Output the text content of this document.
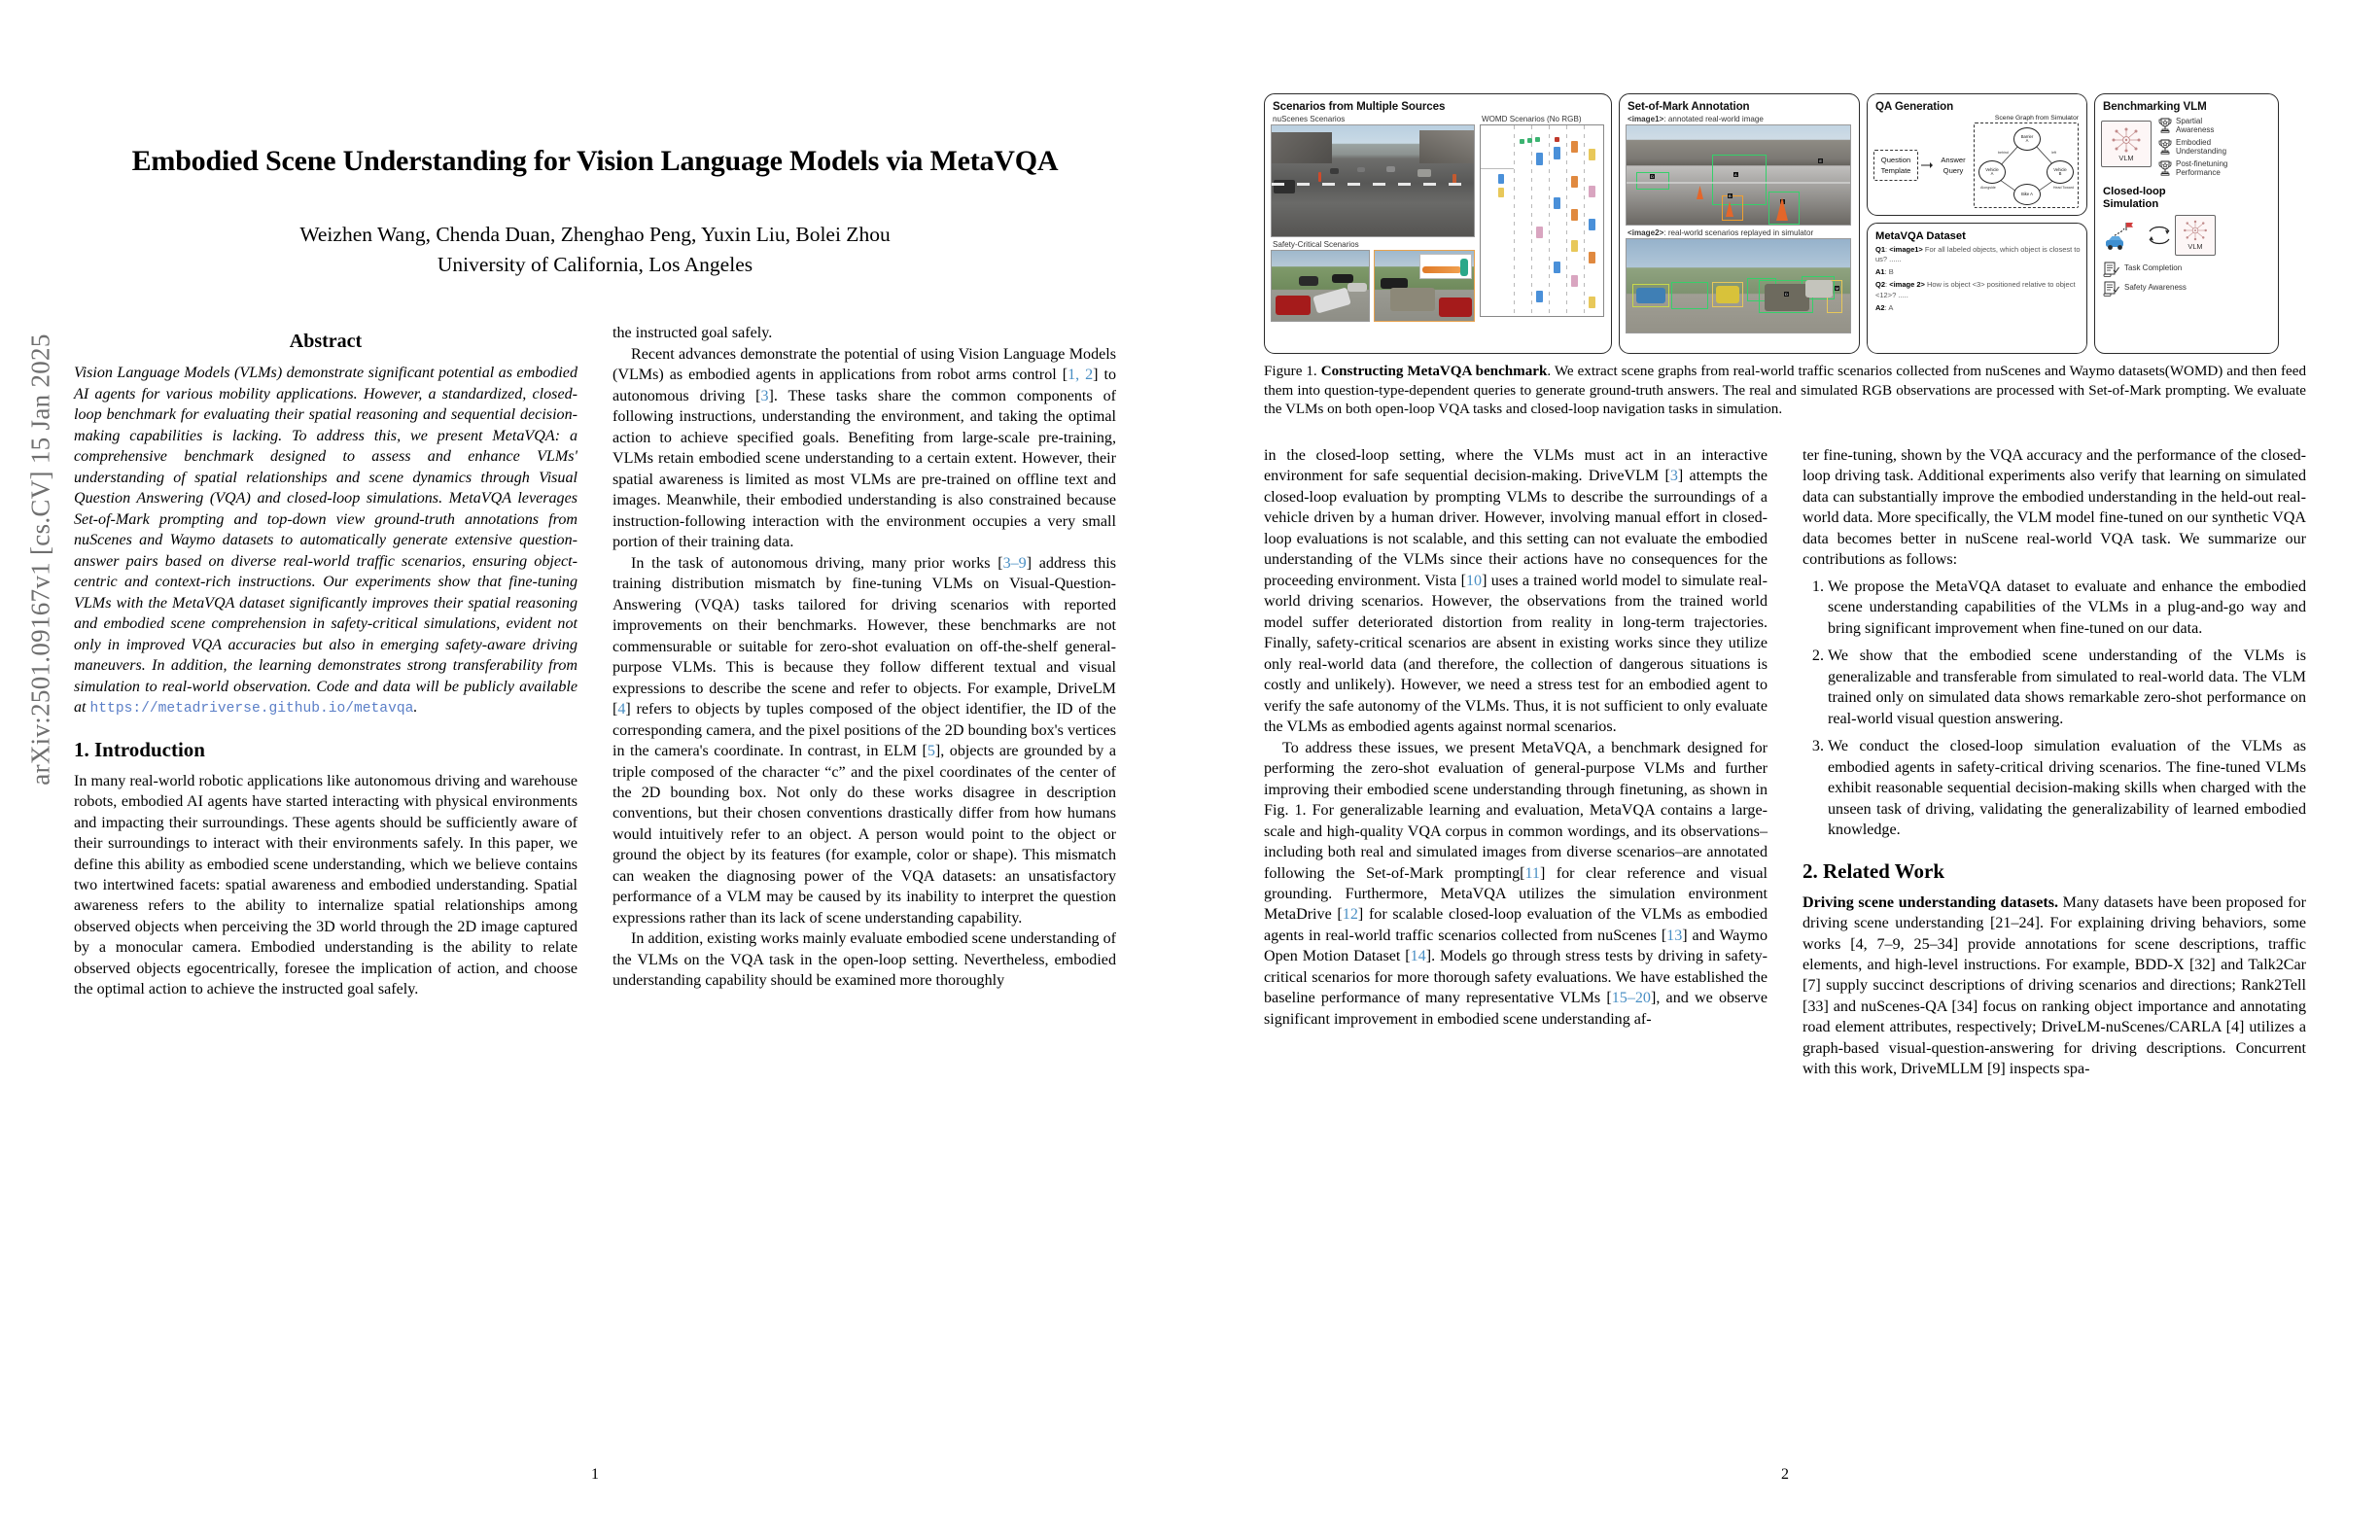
arXiv:2501.09167v1 [cs.CV] 15 Jan 2025
Embodied Scene Understanding for Vision Language Models via MetaVQA
Weizhen Wang, Chenda Duan, Zhenghao Peng, Yuxin Liu, Bolei Zhou
University of California, Los Angeles
Abstract

Vision Language Models (VLMs) demonstrate significant potential as embodied AI agents for various mobility applications. However, a standardized, closed-loop benchmark for evaluating their spatial reasoning and sequential decision-making capabilities is lacking. To address this, we present MetaVQA: a comprehensive benchmark designed to assess and enhance VLMs' understanding of spatial relationships and scene dynamics through Visual Question Answering (VQA) and closed-loop simulations. MetaVQA leverages Set-of-Mark prompting and top-down view ground-truth annotations from nuScenes and Waymo datasets to automatically generate extensive question-answer pairs based on diverse real-world traffic scenarios, ensuring object-centric and context-rich instructions. Our experiments show that fine-tuning VLMs with the MetaVQA dataset significantly improves their spatial reasoning and embodied scene comprehension in safety-critical simulations, evident not only in improved VQA accuracies but also in emerging safety-aware driving maneuvers. In addition, the learning demonstrates strong transferability from simulation to real-world observation. Code and data will be publicly available at https://metadriverse.github.io/metavqa.

1. Introduction

In many real-world robotic applications like autonomous driving and warehouse robots, embodied AI agents have started interacting with physical environments and impacting their surroundings. These agents should be sufficiently aware of their surroundings to interact with their environments safely. In this paper, we define this ability as embodied scene understanding, which we believe contains two intertwined facets: spatial awareness and embodied understanding. Spatial awareness refers to the ability to internalize spatial relationships among observed objects when perceiving the 3D world through the 2D image captured by a monocular camera. Embodied understanding is the ability to relate observed objects egocentrically, foresee the implication of action, and choose the optimal action to achieve the instructed goal safely.

the instructed goal safely.

Recent advances demonstrate the potential of using Vision Language Models (VLMs) as embodied agents in applications from robot arms control [1, 2] to autonomous driving [3]. These tasks share the common components of following instructions, understanding the environment, and taking the optimal action to achieve specified goals. Benefiting from large-scale pre-training, VLMs retain embodied scene understanding to a certain extent. However, their spatial awareness is limited as most VLMs are pre-trained on offline text and images. Meanwhile, their embodied understanding is also constrained because instruction-following interaction with the environment occupies a very small portion of their training data.

In the task of autonomous driving, many prior works [3–9] address this training distribution mismatch by fine-tuning VLMs on Visual-Question-Answering (VQA) tasks tailored for driving scenarios with reported improvements on their benchmarks. However, these benchmarks are not commensurable or suitable for zero-shot evaluation on off-the-shelf general-purpose VLMs. This is because they follow different textual and visual expressions to describe the scene and refer to objects. For example, DriveLM [4] refers to objects by tuples composed of the object identifier, the ID of the corresponding camera, and the pixel positions of the 2D bounding box's vertices in the camera's coordinate. In contrast, in ELM [5], objects are grounded by a triple composed of the character “c” and the pixel coordinates of the center of the 2D bounding box. Not only do these works disagree in description conventions, but their chosen conventions drastically differ from how humans would intuitively refer to an object. A person would point to the object or ground the object by its features (for example, color or shape). This mismatch can weaken the diagnosing power of the VQA datasets: an unsatisfactory performance of a VLM may be caused by its inability to interpret the question expressions rather than its lack of scene understanding capability.

In addition, existing works mainly evaluate embodied scene understanding of the VLMs on the VQA task in the open-loop setting. Nevertheless, embodied understanding capability should be examined more thoroughly

1
Scenarios from Multiple Sources
nuScenes Scenarios
Safety-Critical Scenarios
WOMD Scenarios (No RGB)
Set-of-Mark Annotation
<image1>: annotated real-world image
A
B
D
E
<image2>: real-world scenarios replayed in simulator
D
M
QA Generation
Scene Graph from Simulator
Question
Template
Answer
Query
Barrier
A
Vehicle
A
Vehicle
B
Bike A
behind	left
Alongside	Head Toward
MetaVQA Dataset
Q1: <image1> For all labeled objects, which object is closest to us? ......
A1: B
Q2: <image 2> How is object <3> positioned relative to object <12>? .....
A2: A
Benchmarking VLM
VLM
Spartial
Awareness
Embodied
Understanding
Post-finetuning
Performance
Closed-loop
Simulation
VLM
Task Completion
Safety Awareness
Figure 1. Constructing MetaVQA benchmark. We extract scene graphs from real-world traffic scenarios collected from nuScenes and Waymo datasets(WOMD) and then feed them into question-type-dependent queries to generate ground-truth answers. The real and simulated RGB observations are processed with Set-of-Mark prompting. We evaluate the VLMs on both open-loop VQA tasks and closed-loop navigation tasks in simulation.

in the closed-loop setting, where the VLMs must act in an interactive environment for safe sequential decision-making. DriveVLM [3] attempts the closed-loop evaluation by prompting VLMs to describe the surroundings of a vehicle driven by a human driver. However, involving manual effort in closed-loop evaluations is not scalable, and this setting can not evaluate the embodied understanding of the VLMs since their actions have no consequences for the proceeding environment. Vista [10] uses a trained world model to simulate real-world driving scenarios. However, the observations from the trained world model suffer deteriorated distortion from reality in long-term trajectories. Finally, safety-critical scenarios are absent in existing works since they utilize only real-world data (and therefore, the collection of dangerous situations is costly and unlikely). However, we need a stress test for an embodied agent to verify the safe autonomy of the VLMs. Thus, it is not sufficient to only evaluate the VLMs as embodied agents against normal scenarios.

To address these issues, we present MetaVQA, a benchmark designed for performing the zero-shot evaluation of general-purpose VLMs and further improving their embodied scene understanding through finetuning, as shown in Fig. 1. For generalizable learning and evaluation, MetaVQA contains a large-scale and high-quality VQA corpus in common wordings, and its observations–including both real and simulated images from diverse scenarios–are annotated following the Set-of-Mark prompting[11] for clear reference and visual grounding. Furthermore, MetaVQA utilizes the simulation environment MetaDrive [12] for scalable closed-loop evaluation of the VLMs as embodied agents in real-world traffic scenarios collected from nuScenes [13] and Waymo Open Motion Dataset [14]. Models go through stress tests by driving in safety-critical scenarios for more thorough safety evaluations. We have established the baseline performance of many representative VLMs [15–20], and we observe significant improvement in embodied scene understanding af-

ter fine-tuning, shown by the VQA accuracy and the performance of the closed-loop driving task. Additional experiments also verify that learning on simulated data can substantially improve the embodied understanding in the held-out real-world data. More specifically, the VLM model fine-tuned on our synthetic VQA data becomes better in nuScene real-world VQA task. We summarize our contributions as follows:

1. We propose the MetaVQA dataset to evaluate and enhance the embodied scene understanding capabilities of the VLMs in a plug-and-go way and bring significant improvement when fine-tuned on our data.
2. We show that the embodied scene understanding of the VLMs is generalizable and transferable from simulated to real-world data. The VLM trained only on simulated data shows remarkable zero-shot performance on real-world visual question answering.
3. We conduct the closed-loop simulation evaluation of the VLMs as embodied agents in safety-critical driving scenarios. The fine-tuned VLMs exhibit reasonable sequential decision-making skills when charged with the unseen task of driving, validating the generalizability of learned embodied knowledge.
2. Related Work

Driving scene understanding datasets. Many datasets have been proposed for driving scene understanding [21–24]. For explaining driving behaviors, some works [4, 7–9, 25–34] provide annotations for scene descriptions, traffic elements, and high-level instructions. For example, BDD-X [32] and Talk2Car [7] supply succinct descriptions of driving scenarios and directions; Rank2Tell [33] and nuScenes-QA [34] focus on ranking object importance and annotating road element attributes, respectively; DriveLM-nuScenes/CARLA [4] utilizes a graph-based visual-question-answering for driving descriptions. Concurrent with this work, DriveMLLM [9] inspects spa-

2
